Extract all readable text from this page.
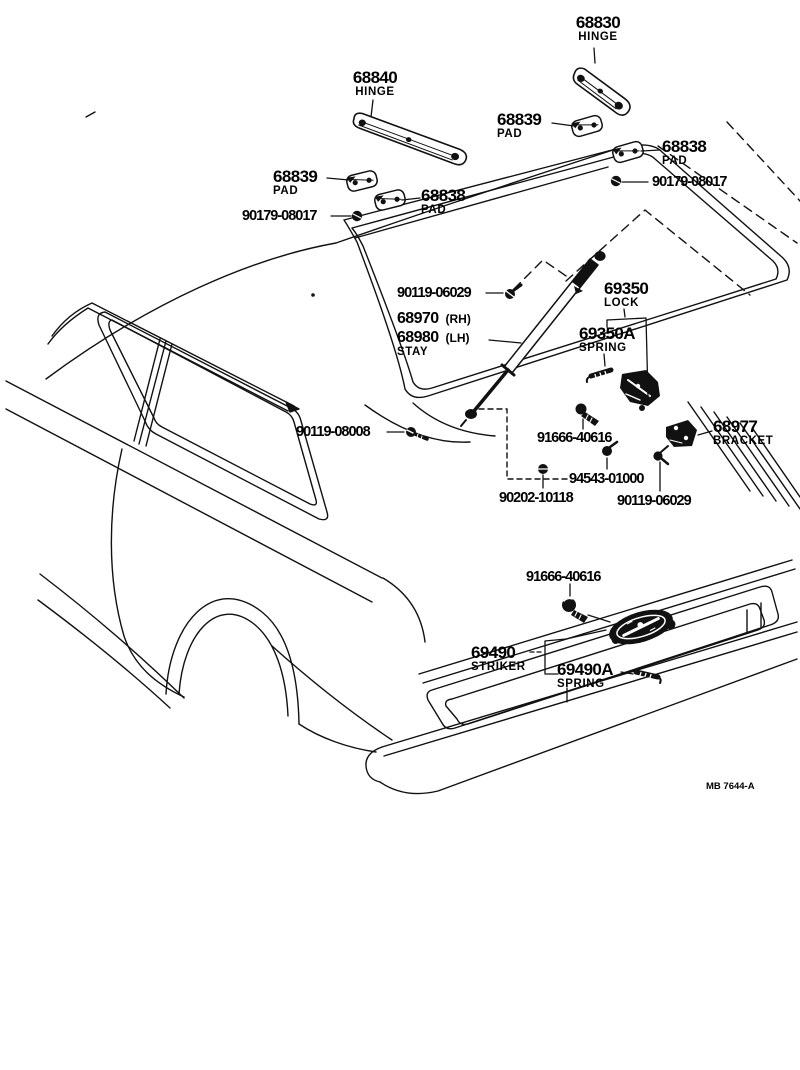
68830
HINGE
68840
HINGE
68839
PAD
68838
PAD
90179-08017
68839
PAD	68838
PAD
90179-08017
90119-06029
68970 (RH)
68980 (LH)
STAY
69350
LOCK
69350A
SPRING
90119-08008	91666-40616
68977
BRACKET
94543-01000
90202-10118	90119-06029
91666-40616
69490
STRIKER 69490A
SPRING
MB 7644-A
